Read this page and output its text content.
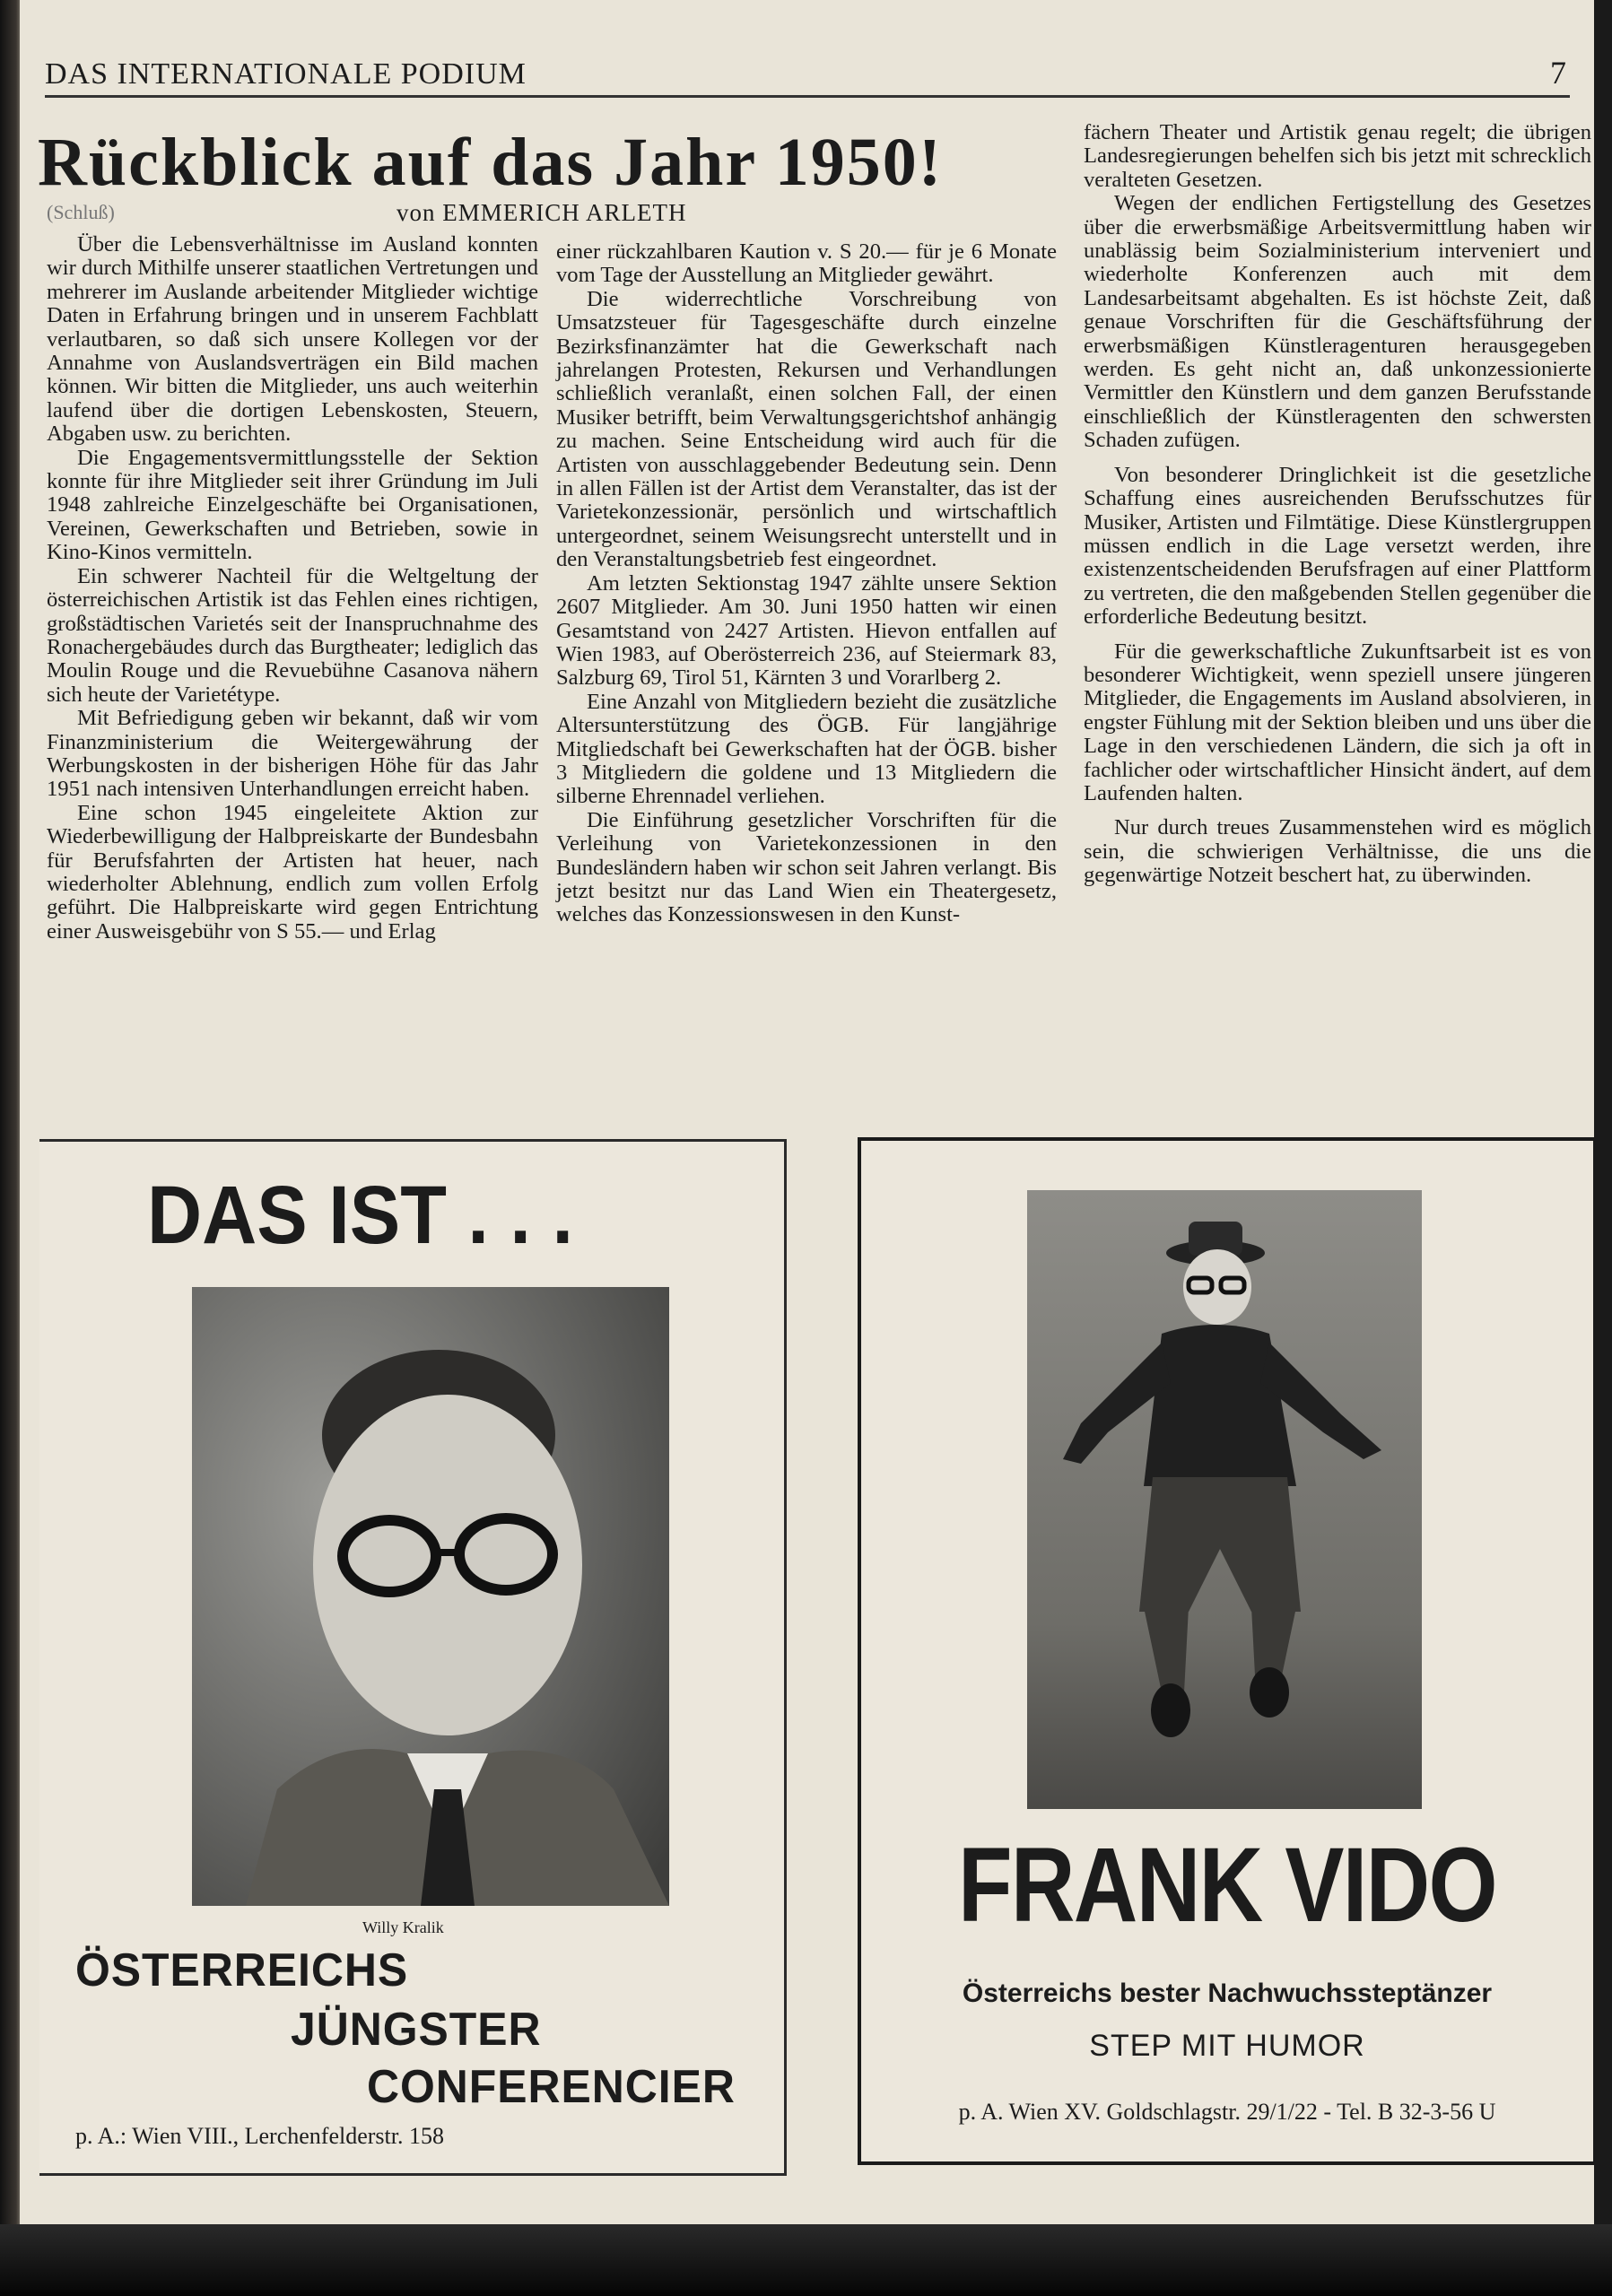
DAS INTERNATIONALE PODIUM	7
Rückblick auf das Jahr 1950!
(Schluß)	von EMMERICH ARLETH

Über die Lebensverhältnisse im Ausland konnten wir durch Mithilfe unserer staatlichen Vertretungen und mehrerer im Auslande arbeitender Mitglieder wichtige Daten in Erfahrung bringen und in unserem Fachblatt verlautbaren, so daß sich unsere Kollegen vor der Annahme von Auslandsverträgen ein Bild machen können. Wir bitten die Mitglieder, uns auch weiterhin laufend über die dortigen Lebenskosten, Steuern, Abgaben usw. zu berichten.

Die Engagementsvermittlungsstelle der Sektion konnte für ihre Mitglieder seit ihrer Gründung im Juli 1948 zahlreiche Einzelgeschäfte bei Organisationen, Vereinen, Gewerkschaften und Betrieben, sowie in Kino-Kinos vermitteln.

Ein schwerer Nachteil für die Weltgeltung der österreichischen Artistik ist das Fehlen eines richtigen, großstädtischen Varietés seit der Inanspruchnahme des Ronachergebäudes durch das Burgtheater; lediglich das Moulin Rouge und die Revuebühne Casanova nähern sich heute der Varietétype.

Mit Befriedigung geben wir bekannt, daß wir vom Finanzministerium die Weitergewährung der Werbungskosten in der bisherigen Höhe für das Jahr 1951 nach intensiven Unterhandlungen erreicht haben.

Eine schon 1945 eingeleitete Aktion zur Wiederbewilligung der Halbpreiskarte der Bundesbahn für Berufsfahrten der Artisten hat heuer, nach wiederholter Ablehnung, endlich zum vollen Erfolg geführt. Die Halbpreiskarte wird gegen Entrichtung einer Ausweisgebühr von S 55.— und Erlag

einer rückzahlbaren Kaution v. S 20.— für je 6 Monate vom Tage der Ausstellung an Mitglieder gewährt.

Die widerrechtliche Vorschreibung von Umsatzsteuer für Tagesgeschäfte durch einzelne Bezirksfinanzämter hat die Gewerkschaft nach jahrelangen Protesten, Rekursen und Verhandlungen schließlich veranlaßt, einen solchen Fall, der einen Musiker betrifft, beim Verwaltungsgerichtshof anhängig zu machen. Seine Entscheidung wird auch für die Artisten von ausschlaggebender Bedeutung sein. Denn in allen Fällen ist der Artist dem Veranstalter, das ist der Varietekonzessionär, persönlich und wirtschaftlich untergeordnet, seinem Weisungsrecht unterstellt und in den Veranstaltungsbetrieb fest eingeordnet.

Am letzten Sektionstag 1947 zählte unsere Sektion 2607 Mitglieder. Am 30. Juni 1950 hatten wir einen Gesamtstand von 2427 Artisten. Hievon entfallen auf Wien 1983, auf Oberösterreich 236, auf Steiermark 83, Salzburg 69, Tirol 51, Kärnten 3 und Vorarlberg 2.

Eine Anzahl von Mitgliedern bezieht die zusätzliche Altersunterstützung des ÖGB. Für langjährige Mitgliedschaft bei Gewerkschaften hat der ÖGB. bisher 3 Mitgliedern die goldene und 13 Mitgliedern die silberne Ehrennadel verliehen.

Die Einführung gesetzlicher Vorschriften für die Verleihung von Varietekonzessionen in den Bundesländern haben wir schon seit Jahren verlangt. Bis jetzt besitzt nur das Land Wien ein Theatergesetz, welches das Konzessionswesen in den Kunst-

fächern Theater und Artistik genau regelt; die übrigen Landesregierungen behelfen sich bis jetzt mit schrecklich veralteten Gesetzen.

Wegen der endlichen Fertigstellung des Gesetzes über die erwerbsmäßige Arbeitsvermittlung haben wir unablässig beim Sozialministerium interveniert und wiederholte Konferenzen auch mit dem Landesarbeitsamt abgehalten. Es ist höchste Zeit, daß genaue Vorschriften für die Geschäftsführung der erwerbsmäßigen Künstleragenturen herausgegeben werden. Es geht nicht an, daß unkonzessionierte Vermittler den Künstlern und dem ganzen Berufsstande einschließlich der Künstleragenten den schwersten Schaden zufügen.

Von besonderer Dringlichkeit ist die gesetzliche Schaffung eines ausreichenden Berufsschutzes für Musiker, Artisten und Filmtätige. Diese Künstlergruppen müssen endlich in die Lage versetzt werden, ihre existenzentscheidenden Berufsfragen auf einer Plattform zu vertreten, die den maßgebenden Stellen gegenüber die erforderliche Bedeutung besitzt.

Für die gewerkschaftliche Zukunftsarbeit ist es von besonderer Wichtigkeit, wenn speziell unsere jüngeren Mitglieder, die Engagements im Ausland absolvieren, in engster Fühlung mit der Sektion bleiben und uns über die Lage in den verschiedenen Ländern, die sich ja oft in fachlicher oder wirtschaftlicher Hinsicht ändert, auf dem Laufenden halten.

Nur durch treues Zusammenstehen wird es möglich sein, die schwierigen Verhältnisse, die uns die gegenwärtige Notzeit beschert hat, zu überwinden.

DAS IST . . .
Willy Kralik
ÖSTERREICHS
JÜNGSTER
CONFERENCIER
p. A.: Wien VIII., Lerchenfelderstr. 158
FRANK VIDO
Österreichs bester Nachwuchssteptänzer
STEP MIT HUMOR
p. A. Wien XV. Goldschlagstr. 29/1/22 - Tel. B 32-3-56 U
